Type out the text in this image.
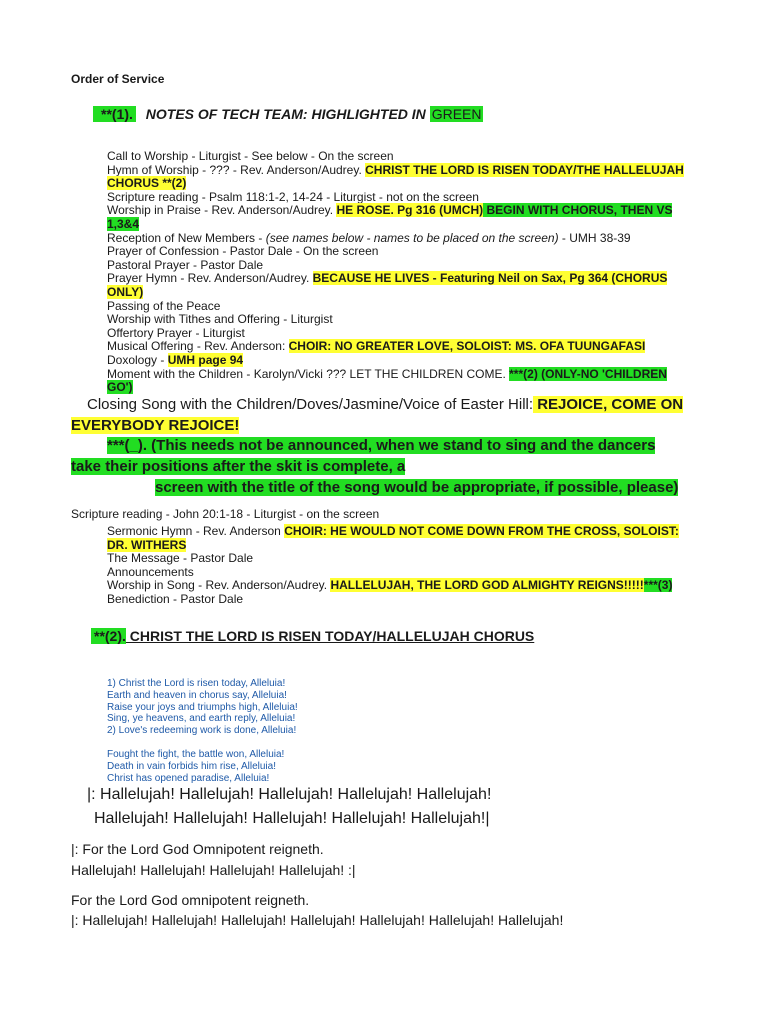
Order of Service
**(1). NOTES OF TECH TEAM: HIGHLIGHTED IN GREEN
Call to Worship - Liturgist - See below - On the screen
Hymn of Worship - ??? - Rev. Anderson/Audrey. CHRIST THE LORD IS RISEN TODAY/THE HALLELUJAH
CHORUS **(2)
Scripture reading - Psalm 118:1-2, 14-24 - Liturgist - not on the screen
Worship in Praise - Rev. Anderson/Audrey. HE ROSE. Pg 316 (UMCH) BEGIN WITH CHORUS, THEN VS
1,3&4
Reception of New Members - (see names below - names to be placed on the screen) - UMH 38-39
Prayer of Confession - Pastor Dale - On the screen
Pastoral Prayer - Pastor Dale
Prayer Hymn - Rev. Anderson/Audrey. BECAUSE HE LIVES - Featuring Neil on Sax, Pg 364 (CHORUS
ONLY)
Passing of the Peace
Worship with Tithes and Offering - Liturgist
Offertory Prayer - Liturgist
Musical Offering - Rev. Anderson: CHOIR: NO GREATER LOVE, SOLOIST: MS. OFA TUUNGAFASI
Doxology - UMH page 94
Moment with the Children - Karolyn/Vicki ??? LET THE CHILDREN COME. ***(2) (ONLY-NO 'CHILDREN
GO')
Closing Song with the Children/Doves/Jasmine/Voice of Easter Hill: REJOICE, COME ON
EVERYBODY REJOICE!
***(_). (This needs not be announced, when we stand to sing and the dancers
take their positions after the skit is complete, a
screen with the title of the song would be appropriate, if possible, please)
Scripture reading - John 20:1-18 - Liturgist - on the screen
Sermonic Hymn - Rev. Anderson CHOIR: HE WOULD NOT COME DOWN FROM THE CROSS, SOLOIST:
DR. WITHERS
The Message - Pastor Dale
Announcements
Worship in Song - Rev. Anderson/Audrey. HALLELUJAH, THE LORD GOD ALMIGHTY REIGNS!!!!!***(3)
Benediction - Pastor Dale
**(2). CHRIST THE LORD IS RISEN TODAY/HALLELUJAH CHORUS
1) Christ the Lord is risen today, Alleluia!
Earth and heaven in chorus say, Alleluia!
Raise your joys and triumphs high, Alleluia!
Sing, ye heavens, and earth reply, Alleluia!
2) Love's redeeming work is done, Alleluia!
Fought the fight, the battle won, Alleluia!
Death in vain forbids him rise, Alleluia!
Christ has opened paradise, Alleluia!
|: Hallelujah! Hallelujah! Hallelujah! Hallelujah! Hallelujah!
Hallelujah! Hallelujah! Hallelujah! Hallelujah! Hallelujah!|
|: For the Lord God Omnipotent reigneth.
Hallelujah! Hallelujah! Hallelujah! Hallelujah! :|
For the Lord God omnipotent reigneth.
|: Hallelujah! Hallelujah! Hallelujah! Hallelujah! Hallelujah! Hallelujah! Hallelujah!
